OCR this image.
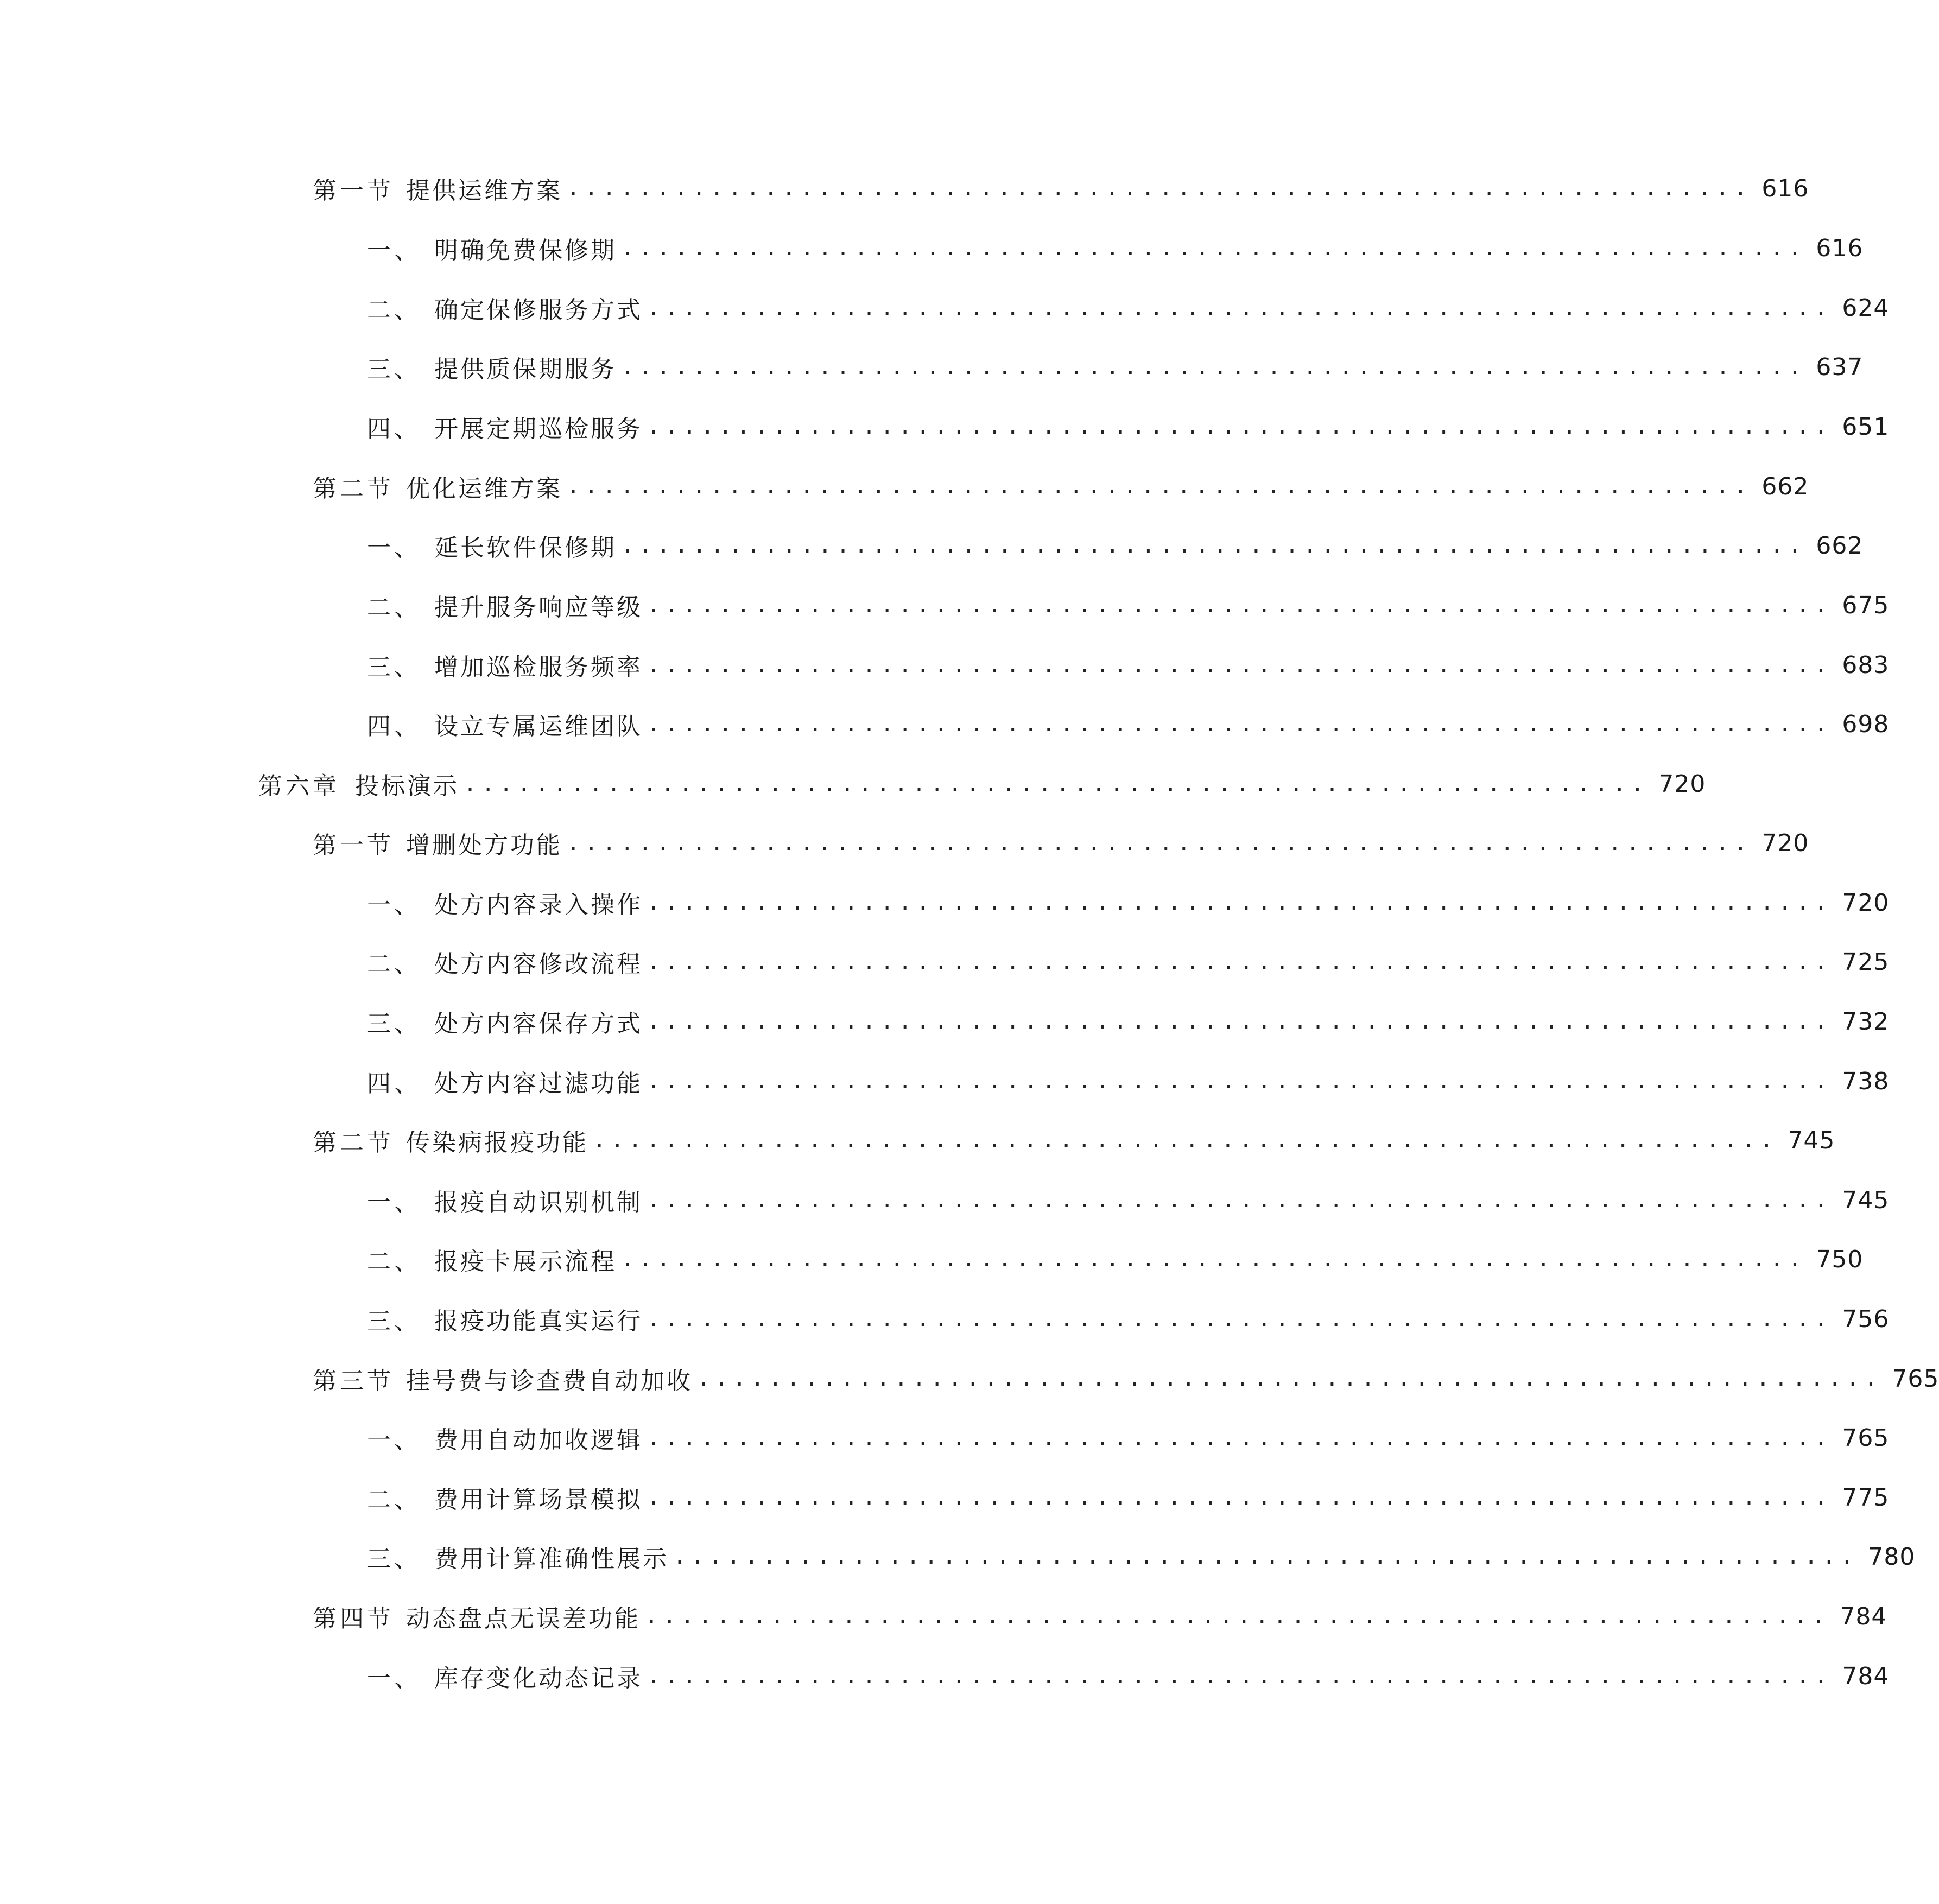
第一节 提供运维方案 .................................................................. 616
一、 明确免费保修期 .................................................................. 616
二、 确定保修服务方式 .................................................................. 624
三、 提供质保期服务 .................................................................. 637
四、 开展定期巡检服务 .................................................................. 651
第二节 优化运维方案 .................................................................. 662
一、 延长软件保修期 .................................................................. 662
二、 提升服务响应等级 .................................................................. 675
三、 增加巡检服务频率 .................................................................. 683
四、 设立专属运维团队 .................................................................. 698
第六章 投标演示 .................................................................. 720
第一节 增删处方功能 .................................................................. 720
一、 处方内容录入操作 .................................................................. 720
二、 处方内容修改流程 .................................................................. 725
三、 处方内容保存方式 .................................................................. 732
四、 处方内容过滤功能 .................................................................. 738
第二节 传染病报疫功能 .................................................................. 745
一、 报疫自动识别机制 .................................................................. 745
二、 报疫卡展示流程 .................................................................. 750
三、 报疫功能真实运行 .................................................................. 756
第三节 挂号费与诊查费自动加收 .................................................................. 765
一、 费用自动加收逻辑 .................................................................. 765
二、 费用计算场景模拟 .................................................................. 775
三、 费用计算准确性展示 .................................................................. 780
第四节 动态盘点无误差功能 .................................................................. 784
一、 库存变化动态记录 .................................................................. 784
